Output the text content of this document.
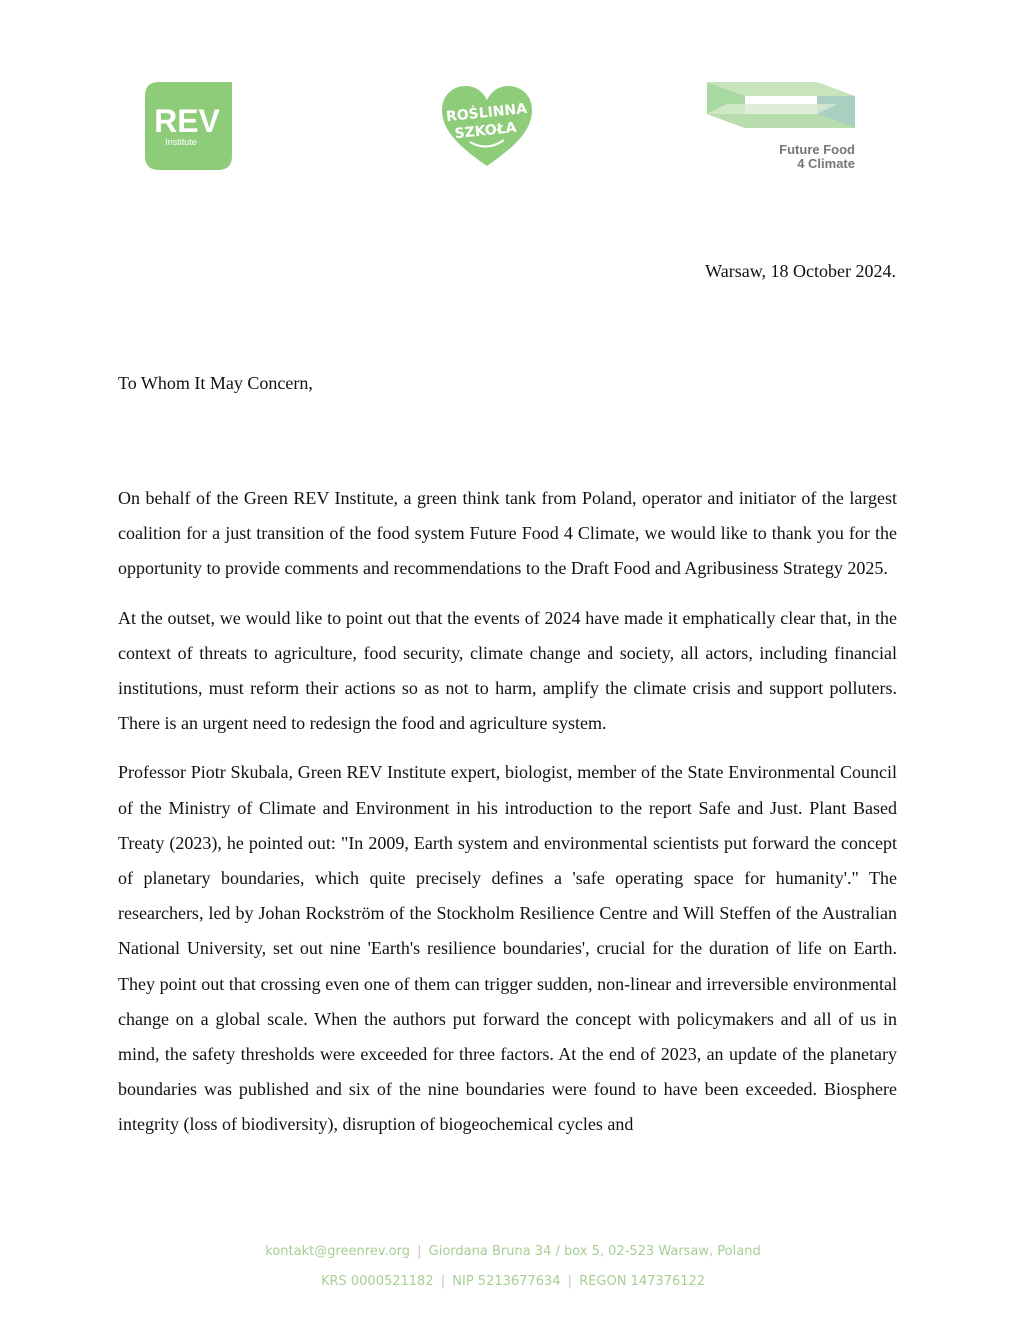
REV
Institute
ROŚLINNA
SZKOŁA
Future Food
4 Climate
Warsaw, 18 October 2024.
To Whom It May Concern,

On behalf of the Green REV Institute, a green think tank from Poland, operator and initiator of the largest coalition for a just transition of the food system Future Food 4 Climate, we would like to thank you for the opportunity to provide comments and recommendations to the Draft Food and Agribusiness Strategy 2025.

At the outset, we would like to point out that the events of 2024 have made it emphatically clear that, in the context of threats to agriculture, food security, climate change and society, all actors, including financial institutions, must reform their actions so as not to harm, amplify the climate crisis and support polluters. There is an urgent need to redesign the food and agriculture system.

Professor Piotr Skubala, Green REV Institute expert, biologist, member of the State Environmental Council of the Ministry of Climate and Environment in his introduction to the report Safe and Just. Plant Based Treaty (2023), he pointed out: "In 2009, Earth system and environmental scientists put forward the concept of planetary boundaries, which quite precisely defines a 'safe operating space for humanity'." The researchers, led by Johan Rockström of the Stockholm Resilience Centre and Will Steffen of the Australian National University, set out nine 'Earth's resilience boundaries', crucial for the duration of life on Earth. They point out that crossing even one of them can trigger sudden, non-linear and irreversible environmental change on a global scale. When the authors put forward the concept with policymakers and all of us in mind, the safety thresholds were exceeded for three factors. At the end of 2023, an update of the planetary boundaries was published and six of the nine boundaries were found to have been exceeded. Biosphere integrity (loss of biodiversity), disruption of biogeochemical cycles and

kontakt@greenrev.org | Giordana Bruna 34 / box 5, 02-523 Warsaw, Poland
KRS 0000521182 | NIP 5213677634 | REGON 147376122
